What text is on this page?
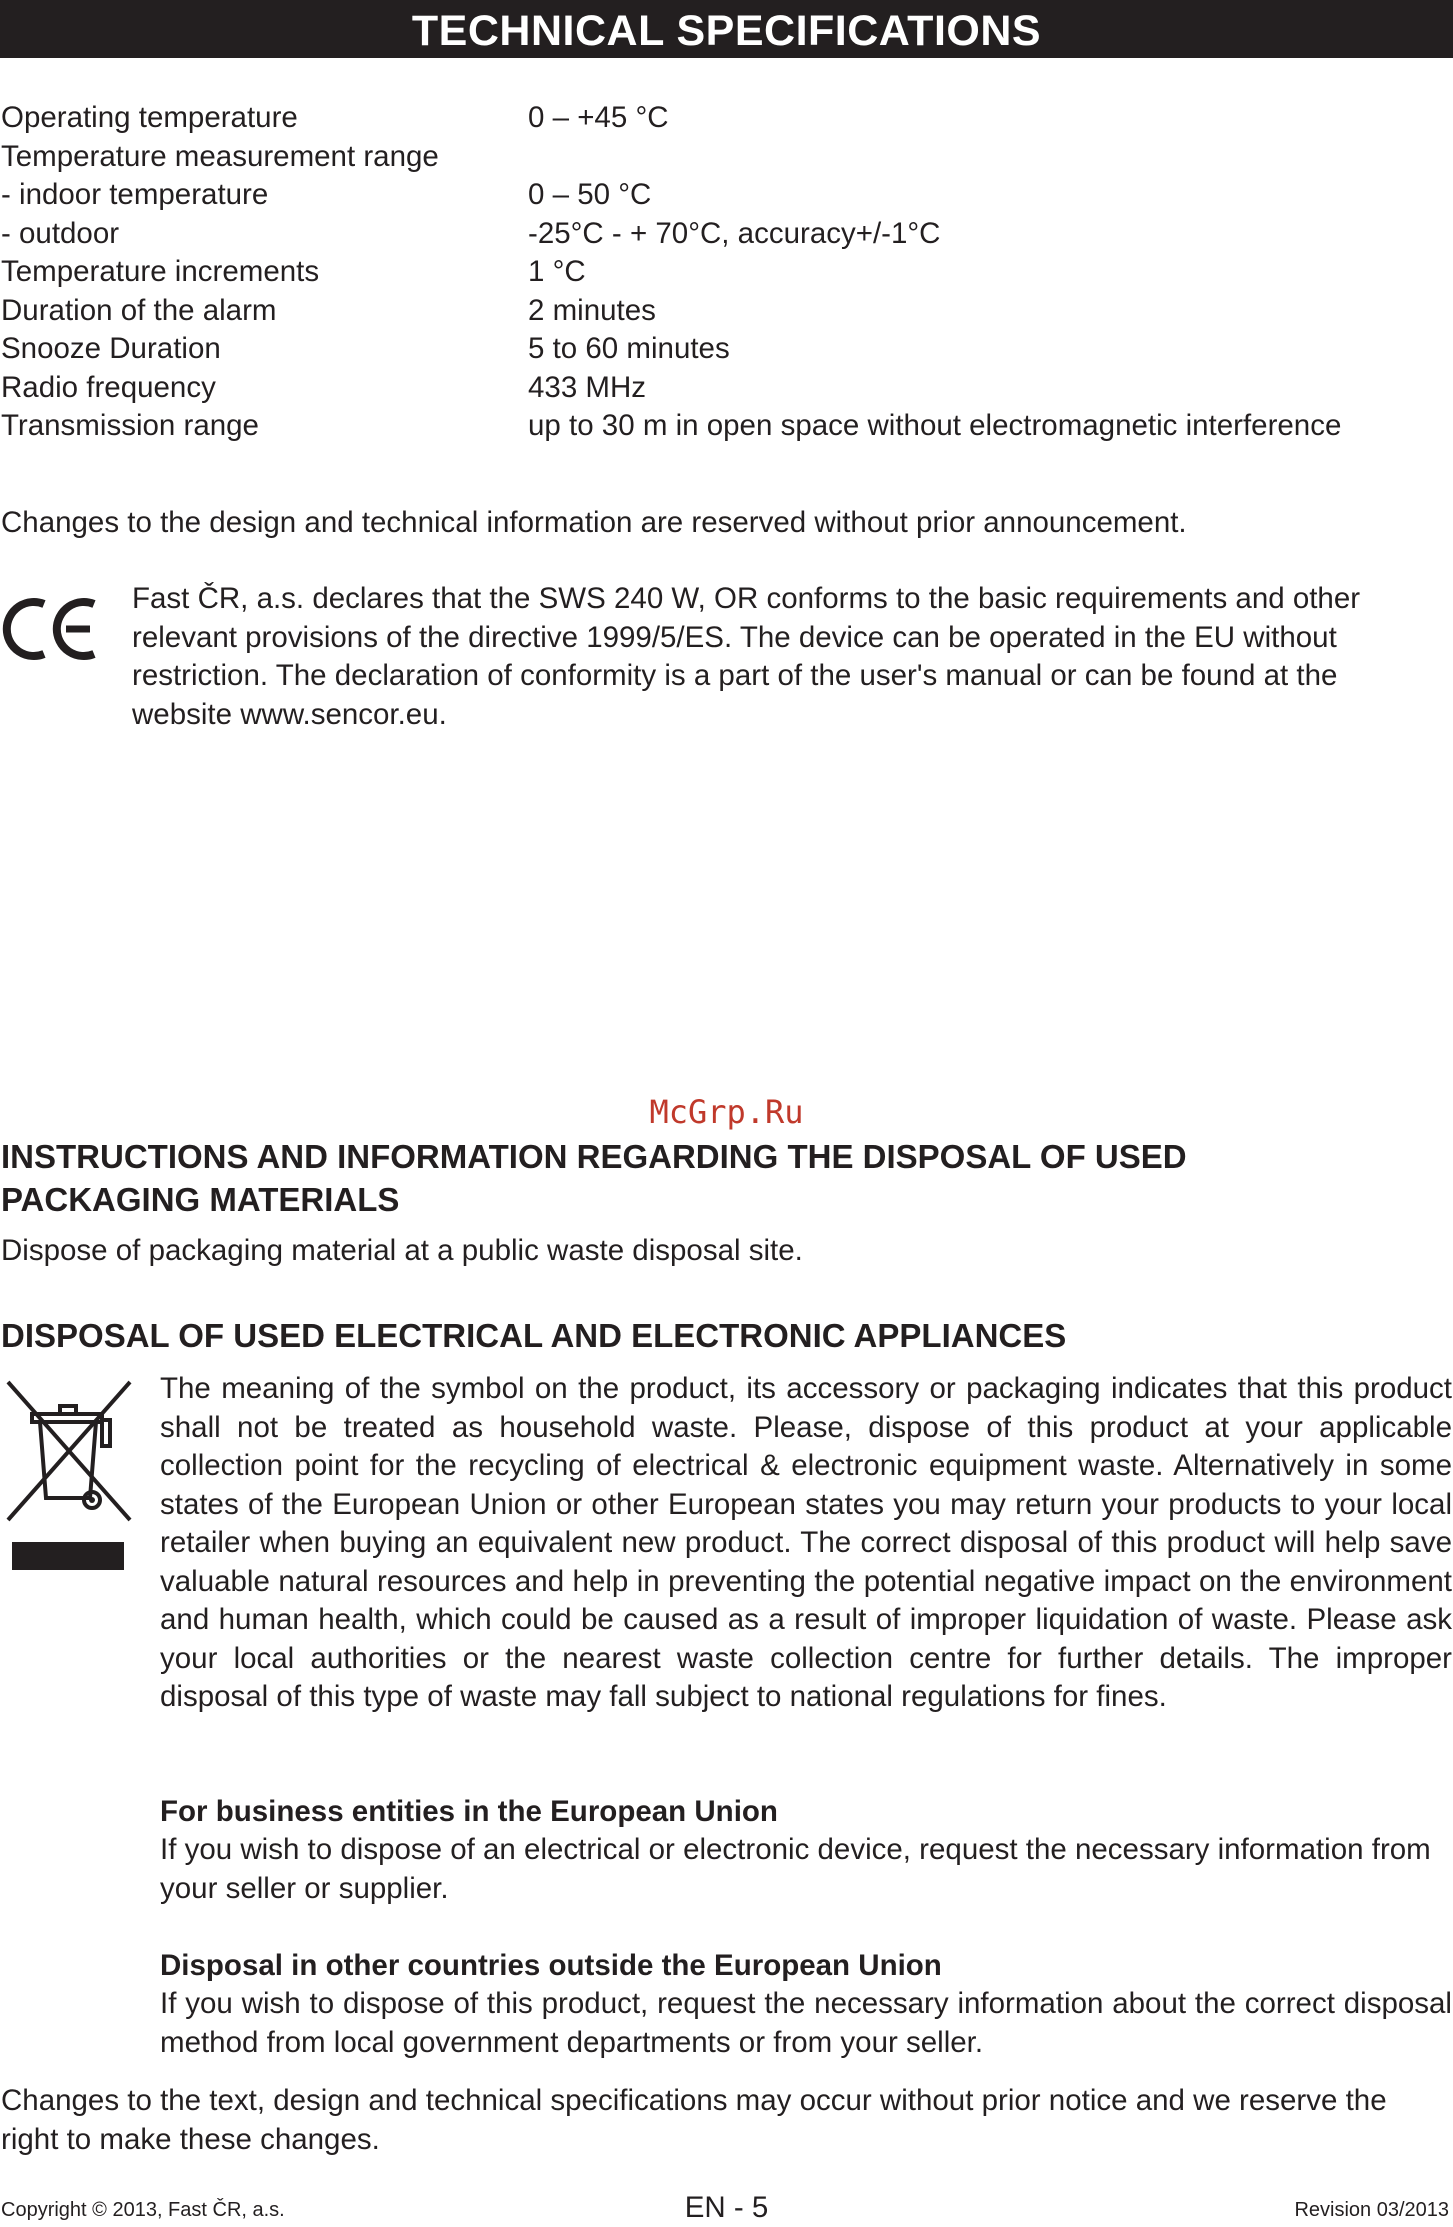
TECHNICAL SPECIFICATIONS
Operating temperature	0 – +45 °C
Temperature measurement range
- indoor temperature	0 – 50 °C
- outdoor	-25°C - + 70°C, accuracy+/-1°C
Temperature increments	1 °C
Duration of the alarm	2 minutes
Snooze Duration	5 to 60 minutes
Radio frequency	433 MHz
Transmission range	up to 30 m in open space without electromagnetic interference

Changes to the design and technical information are reserved without prior announcement.

Fast ČR, a.s. declares that the SWS 240 W, OR conforms to the basic requirements and other relevant provisions of the directive 1999/5/ES. The device can be operated in the EU without restriction. The declaration of conformity is a part of the user's manual or can be found at the website www.sencor.eu.

McGrp.Ru
INSTRUCTIONS AND INFORMATION REGARDING THE DISPOSAL OF USED PACKAGING MATERIALS

Dispose of packaging material at a public waste disposal site.

DISPOSAL OF USED ELECTRICAL AND ELECTRONIC APPLIANCES

The meaning of the symbol on the product, its accessory or packaging indicates that this product shall not be treated as household waste. Please, dispose of this product at your applicable collection point for the recycling of electrical & electronic equipment waste. Alternatively in some states of the European Union or other European states you may return your products to your local retailer when buying an equivalent new product. The correct disposal of this product will help save valuable natural resources and help in preventing the potential negative impact on the environment and human health, which could be caused as a result of improper liquidation of waste. Please ask your local authorities or the nearest waste collection centre for further details. The improper disposal of this type of waste may fall subject to national regulations for fines.

For business entities in the European Union

If you wish to dispose of an electrical or electronic device, request the necessary information from your seller or supplier.

Disposal in other countries outside the European Union

If you wish to dispose of this product, request the necessary information about the correct disposal method from local government departments or from your seller.

Changes to the text, design and technical specifications may occur without prior notice and we reserve the right to make these changes.

Copyright © 2013, Fast ČR, a.s.	EN - 5	Revision 03/2013
